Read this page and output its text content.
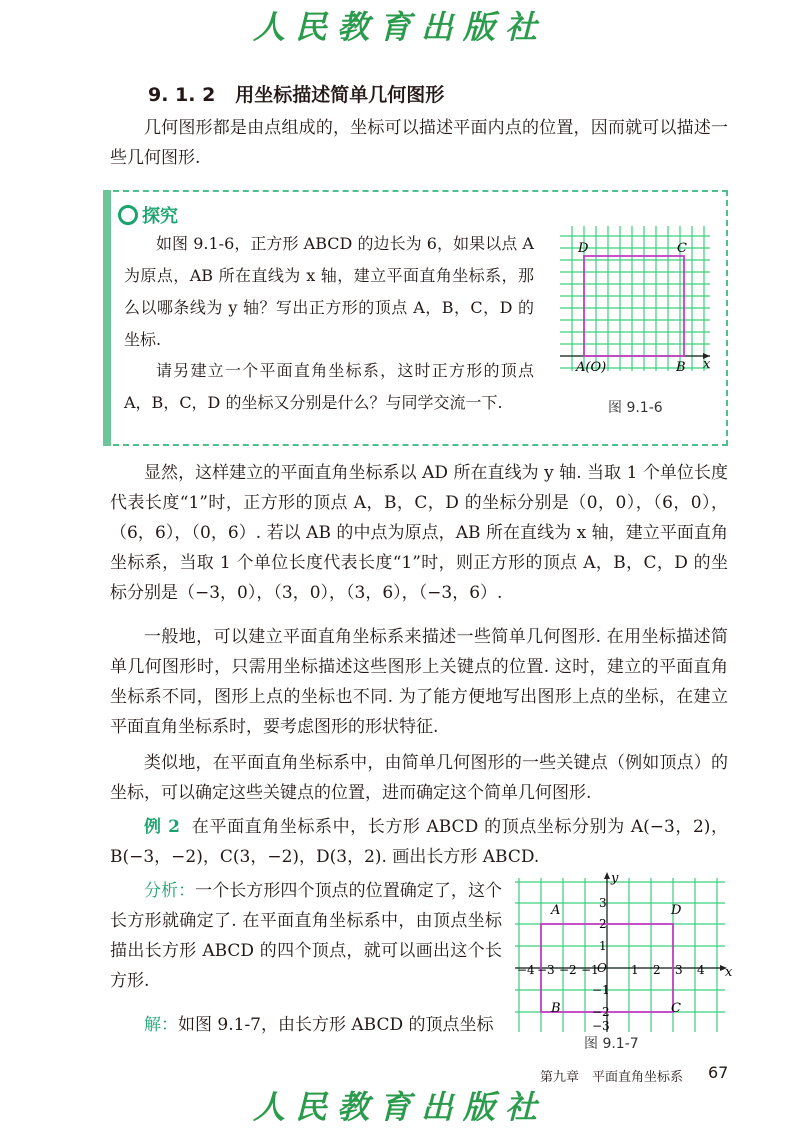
人民教育出版社
9. 1. 2 用坐标描述简单几何图形
几何图形都是由点组成的，坐标可以描述平面内点的位置，因而就可以描述一些几何图形.
探究
如图 9.1-6，正方形 ABCD 的边长为 6，如果以点 A 为原点，AB 所在直线为 x 轴，建立平面直角坐标系，那么以哪条线为 y 轴？写出正方形的顶点 A，B，C，D 的坐标.
请另建立一个平面直角坐标系，这时正方形的顶点 A，B，C，D 的坐标又分别是什么？与同学交流一下.
D	C
A(O)	B x
图 9.1-6
显然，这样建立的平面直角坐标系以 AD 所在直线为 y 轴. 当取 1 个单位长度代表长度“1”时，正方形的顶点 A，B，C，D 的坐标分别是（0，0），（6，0），（6，6），（0，6）. 若以 AB 的中点为原点，AB 所在直线为 x 轴，建立平面直角坐标系，当取 1 个单位长度代表长度“1”时，则正方形的顶点 A，B，C，D 的坐标分别是（−3，0），（3，0），（3，6），（−3，6）.
一般地，可以建立平面直角坐标系来描述一些简单几何图形. 在用坐标描述简单几何图形时，只需用坐标描述这些图形上关键点的位置. 这时，建立的平面直角坐标系不同，图形上点的坐标也不同. 为了能方便地写出图形上点的坐标，在建立平面直角坐标系时，要考虑图形的形状特征.
类似地，在平面直角坐标系中，由简单几何图形的一些关键点（例如顶点）的坐标，可以确定这些关键点的位置，进而确定这个简单几何图形.
例 2 在平面直角坐标系中，长方形 ABCD 的顶点坐标分别为 A(−3，2)，B(−3，−2)，C(3，−2)，D(3，2). 画出长方形 ABCD.
分析：一个长方形四个顶点的位置确定了，这个长方形就确定了. 在平面直角坐标系中，由顶点坐标描出长方形 ABCD 的四个顶点，就可以画出这个长方形.
解：如图 9.1-7，由长方形 ABCD 的顶点坐标
−4 −3 −2 −1	1 2 3 4
3
2
1
−1
−2
−3
O	x
y
A	D
B	C
图 9.1-7
第九章　平面直角坐标系 67
人民教育出版社
